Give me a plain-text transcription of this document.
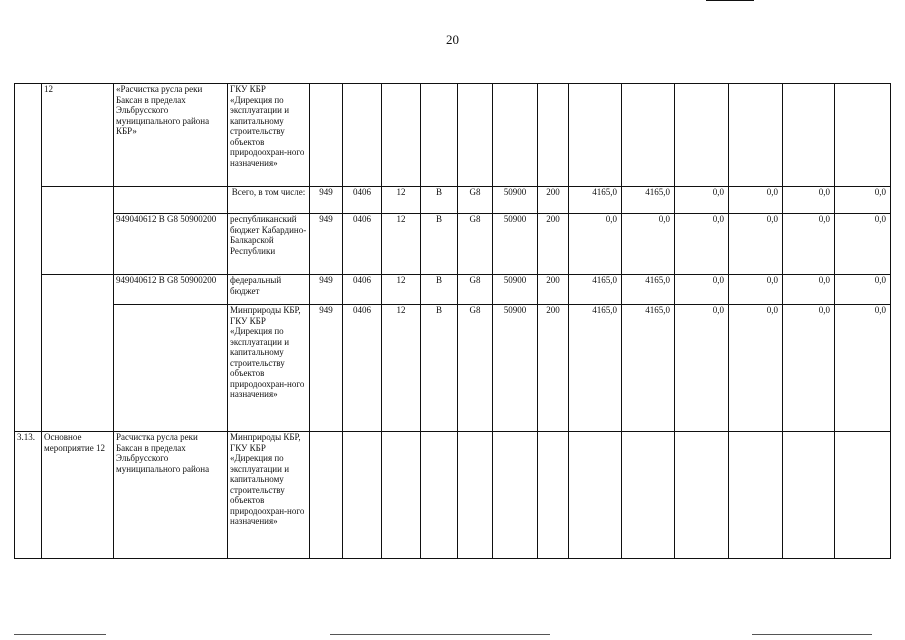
20
	12	«Расчистка русла реки Баксан в пределах Эльбрусского муниципального района КБР»	ГКУ КБР «Дирекция по эксплуатации и капитальному строительству объектов природоохран-ного назначения»													
			Всего, в том числе:	949	0406	12	В	G8	50900	200	4165,0	4165,0	0,0	0,0	0,0	0,0
		949040612 В G8 50900200	республиканский бюджет Кабардино-Балкарской Республики	949	0406	12	В	G8	50900	200	0,0	0,0	0,0	0,0	0,0	0,0
		949040612 В G8 50900200	федеральный бюджет	949	0406	12	В	G8	50900	200	4165,0	4165,0	0,0	0,0	0,0	0,0
			Минприроды КБР, ГКУ КБР «Дирекция по эксплуатации и капитальному строительству объектов природоохран-ного назначения»	949	0406	12	В	G8	50900	200	4165,0	4165,0	0,0	0,0	0,0	0,0
3.13.	Основное мероприятие 12	Расчистка русла реки Баксан в пределах Эльбрусского муниципального района	Минприроды КБР, ГКУ КБР «Дирекция по эксплуатации и капитальному строительству объектов природоохран-ного назначения»													
